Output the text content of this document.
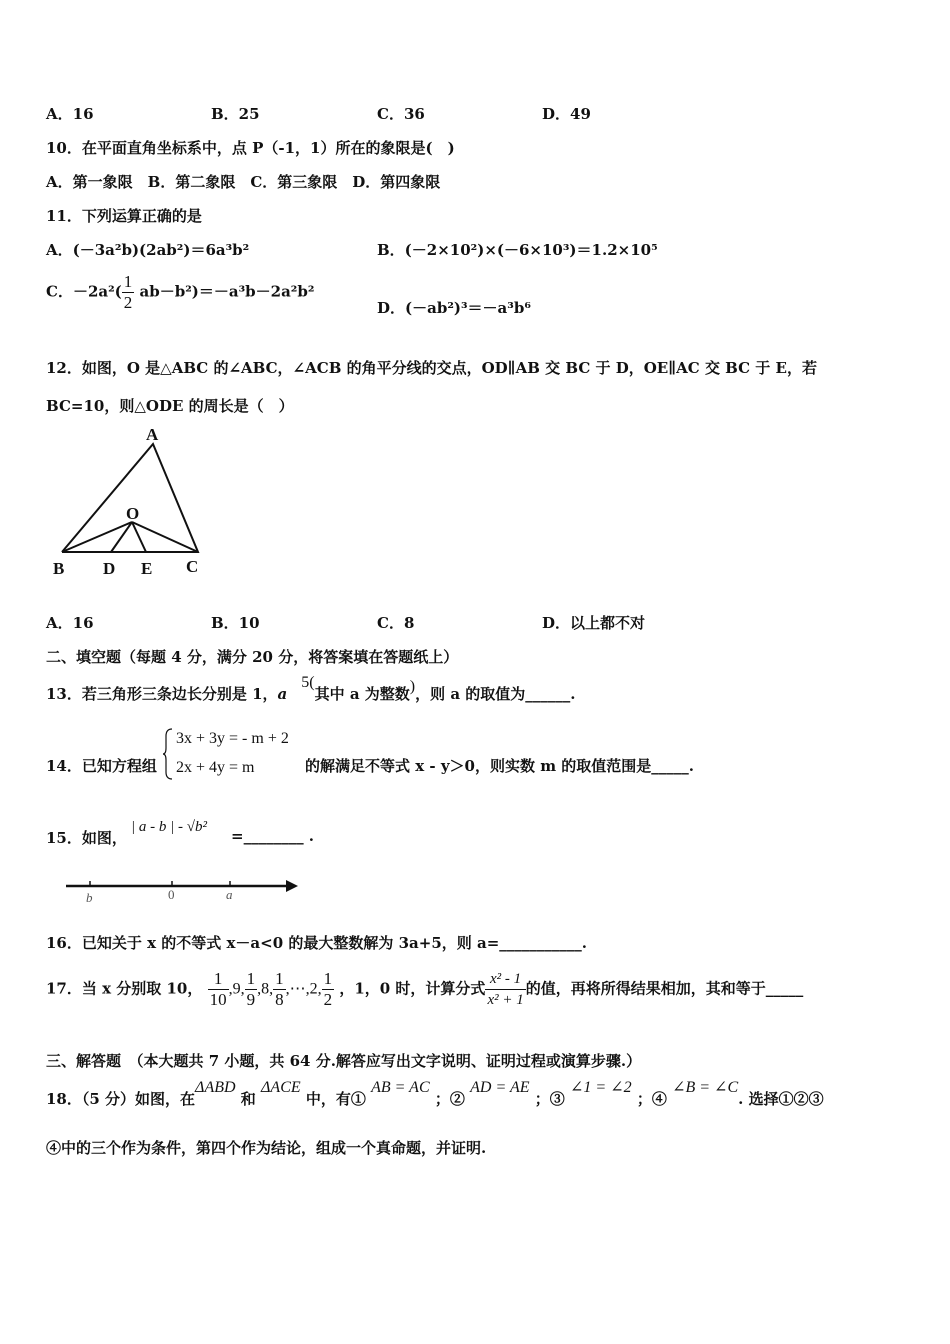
A．16	B．25	C．36	D．49
10．在平面直角坐标系中，点 P（-1，1）所在的象限是(　)
A．第一象限　B．第二象限　C．第三象限　D．第四象限
11．下列运算正确的是
A．(－3a²b)(2ab²)＝6a³b²	B．(－2×10²)×(－6×10³)＝1.2×10⁵
C．$-2a^2( \frac{1}{2} ab-b^2)=-a^3b-2a^2b^2$
D．(－ab²)³＝－a³b⁶
12．如图，O 是△ABC 的∠ABC，∠ACB 的角平分线的交点，OD∥AB 交 BC 于 D，OE∥AC 交 BC 于 E，若
BC=10，则△ODE 的周长是（　）
A
O
B D E C
A．16	B．10	C．8	D．以上都不对
二、填空题（每题 4 分，满分 20 分，将答案填在答题纸上）
13．若三角形三条边长分别是 1，a5(其中 a 为整数)，则 a 的取值为______.
14．已知方程组
3x + 3y = - m + 2
2x + 4y = m	的解满足不等式 x - y＞0，则实数 m 的取值范围是_____.
15．如图，
| a - b | - √b² =________ .
b	0	a
16．已知关于 x 的不等式 x－a<0 的最大整数解为 3a+5，则 a=___________.
17．当 x 分别取 10， $\frac{1}{10} ,9$, $\frac{1}{9} ,8$, $\frac{1}{8}$ ,⋯,2, $\frac{1}{2}$ ，1，0 时，计算分式 $\frac{\text{x² - 1}}{\text{x² + 1}}$ 的值，再将所得结果相加，其和等于_____
三、解答题　（本大题共 7 小题，共 64 分.解答应写出文字说明、证明过程或演算步骤.）
18．（5 分）如图，在ΔABD 和 ΔACE 中，有① AB = AC ；② AD = AE ；③ ∠1 = ∠2 ；④ ∠B = ∠C. 选择①②③
④中的三个作为条件，第四个作为结论，组成一个真命题，并证明.
